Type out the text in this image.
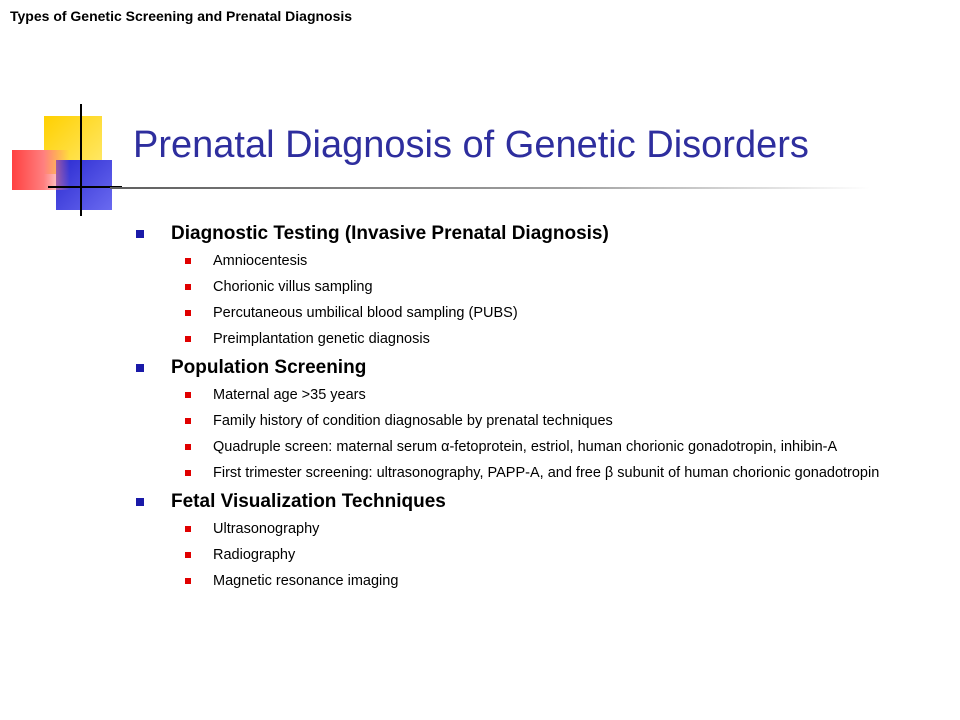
Types of Genetic Screening and Prenatal Diagnosis
Prenatal Diagnosis of Genetic Disorders
Diagnostic Testing (Invasive Prenatal Diagnosis)
Amniocentesis
Chorionic villus sampling
Percutaneous umbilical blood sampling (PUBS)
Preimplantation genetic diagnosis
Population Screening
Maternal age >35 years
Family history of condition diagnosable by prenatal techniques
Quadruple screen: maternal serum α-fetoprotein, estriol, human chorionic gonadotropin, inhibin-A
First trimester screening: ultrasonography, PAPP-A, and free β subunit of human chorionic gonadotropin
Fetal Visualization Techniques
Ultrasonography
Radiography
Magnetic resonance imaging
